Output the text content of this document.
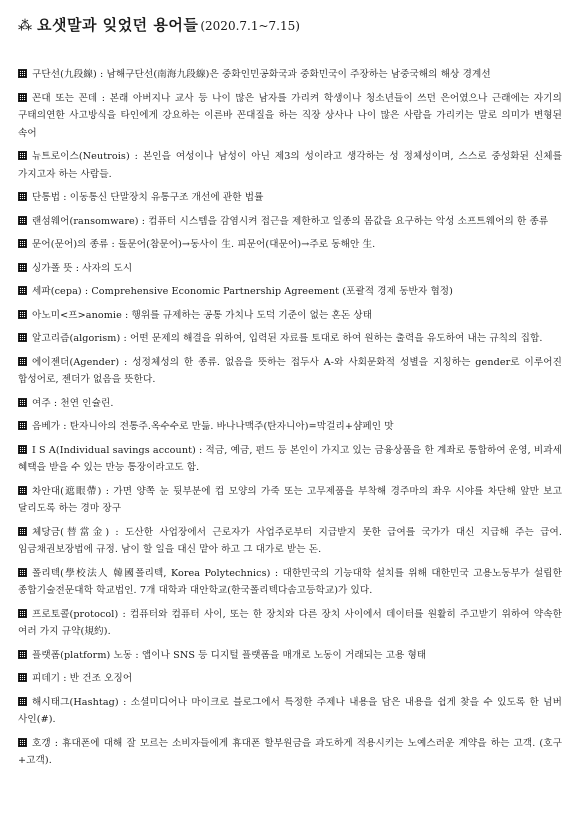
⁂ 요샛말과 잊었던 용어들 (2020.7.1~7.15)
구단선(九段線) : 남해구단선(南海九段線)은 중화인민공화국과 중화민국이 주장하는 남중국해의 해상 경계선
꼰대 또는 꼰데 : 본래 아버지나 교사 등 나이 많은 남자를 가리켜 학생이나 청소년들이 쓰던 은어였으나 근래에는 자기의 구태의연한 사고방식을 타인에게 강요하는 이른바 꼰대질을 하는 직장 상사나 나이 많은 사람을 가리키는 말로 의미가 변형된 속어
뉴트로이스(Neutrois) : 본인을 여성이나 남성이 아닌 제3의 성이라고 생각하는 성 정체성이며, 스스로 중성화된 신체를 가지고자 하는 사람들.
단통법 : 이동통신 단말장치 유통구조 개선에 관한 법률
랜섬웨어(ransomware) : 컴퓨터 시스템을 감염시켜 접근을 제한하고 일종의 몸값을 요구하는 악성 소프트웨어의 한 종류
문어(문어)의 종류 : 돌문어(참문어)→동사이 生. 피문어(대문어)→주로 동해안 生.
싱가폴 뜻 : 사자의 도시
세파(cepa) : Comprehensive Economic Partnership Agreement (포괄적 경제 동반자 협정)
아노미<프>anomie : 행위를 규제하는 공통 가치나 도덕 기준이 없는 혼돈 상태
알고리즘(algorism) : 어떤 문제의 해결을 위하여, 입력된 자료를 토대로 하여 원하는 출력을 유도하여 내는 규칙의 집합.
에이젠더(Agender) : 성정체성의 한 종류. 없음을 뜻하는 접두사 A-와 사회문화적 성별을 지칭하는 gender로 이루어진 합성어로, 젠더가 없음을 뜻한다.
여주 : 천연 인슐린.
음베가 : 탄자니아의 전통주.옥수수로 만듦. 바나나맥주(탄자니아)=막걸리+샴페인 맛
I S A(Individual savings account) : 적금, 예금, 펀드 등 본인이 가지고 있는 금융상품을 한 계좌로 통합하여 운영, 비과세 혜택을 받을 수 있는 만능 통장이라고도 함.
차안대(遮眼帶) : 가면 양쪽 눈 뒷부분에 컵 모양의 가죽 또는 고무제품을 부착해 경주마의 좌우 시야를 차단해 앞만 보고 달리도록 하는 경마 장구
체당금(替當金) : 도산한 사업장에서 근로자가 사업주로부터 지급받지 못한 급여를 국가가 대신 지급해 주는 급여. 임금채권보장법에 규정. 남이 할 일을 대신 맡아 하고 그 대가로 받는 돈.
폴리텍(學校法人 韓國폴리텍, Korea Polytechnics) : 대한민국의 기능대학 설치를 위해 대한민국 고용노동부가 설립한 종합기술전문대학 학교법인. 7개 대학과 대안학교(한국폴리텍다솜고등학교)가 있다.
프로토콜(protocol) : 컴퓨터와 컴퓨터 사이, 또는 한 장치와 다른 장치 사이에서 데이터를 원활히 주고받기 위하여 약속한 여러 가지 규약(規約).
플랫폼(platform) 노동 : 앱이나 SNS 등 디지털 플랫폼을 매개로 노동이 거래되는 고용 형태
피데기 : 반 건조 오징어
해시태그(Hashtag) : 소셜미디어나 마이크로 블로그에서 특정한 주제나 내용을 담은 내용을 쉽게 찾을 수 있도록 한 넘버 사인(#).
호갱 : 휴대폰에 대해 잘 모르는 소비자들에게 휴대폰 할부원금을 과도하게 적용시키는 노예스러운 계약을 하는 고객. (호구+고객).
